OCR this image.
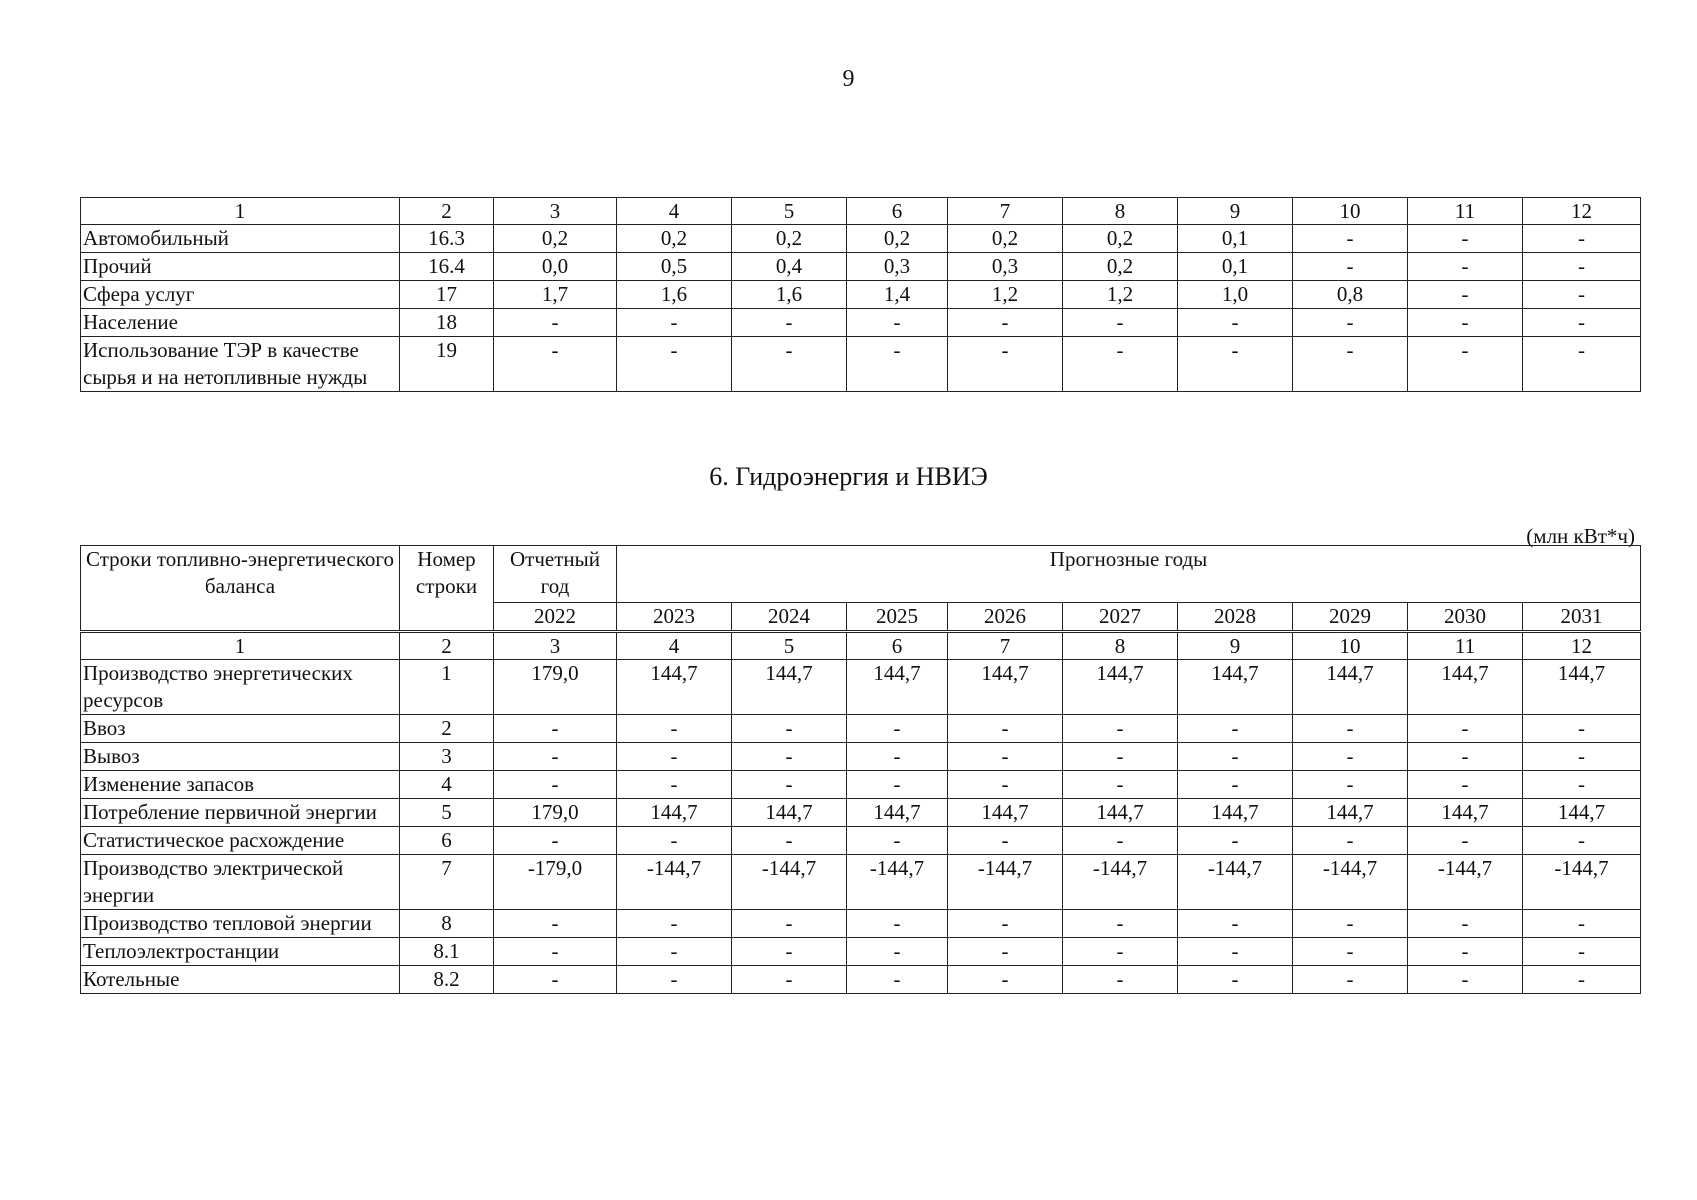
9
1	2	3	4	5	6	7	8	9	10	11	12
Автомобильный	16.3	0,2	0,2	0,2	0,2	0,2	0,2	0,1	-	-	-
Прочий	16.4	0,0	0,5	0,4	0,3	0,3	0,2	0,1	-	-	-
Сфера услуг	17	1,7	1,6	1,6	1,4	1,2	1,2	1,0	0,8	-	-
Население	18	-	-	-	-	-	-	-	-	-	-
Использование ТЭР в качестве сырья и на нетопливные нужды	19	-	-	-	-	-	-	-	-	-	-
6. Гидроэнергия и НВИЭ
(млн кВт*ч)
Строки топливно-энергетического баланса	Номер строки	Отчетный год	Прогнозные годы								
		2022	2023	2024	2025	2026	2027	2028	2029	2030	2031
1	2	3	4	5	6	7	8	9	10	11	12
Производство энергетических ресурсов	1	179,0	144,7	144,7	144,7	144,7	144,7	144,7	144,7	144,7	144,7
Ввоз	2	-	-	-	-	-	-	-	-	-	-
Вывоз	3	-	-	-	-	-	-	-	-	-	-
Изменение запасов	4	-	-	-	-	-	-	-	-	-	-
Потребление первичной энергии	5	179,0	144,7	144,7	144,7	144,7	144,7	144,7	144,7	144,7	144,7
Статистическое расхождение	6	-	-	-	-	-	-	-	-	-	-
Производство электрической энергии	7	-179,0	-144,7	-144,7	-144,7	-144,7	-144,7	-144,7	-144,7	-144,7	-144,7
Производство тепловой энергии	8	-	-	-	-	-	-	-	-	-	-
Теплоэлектростанции	8.1	-	-	-	-	-	-	-	-	-	-
Котельные	8.2	-	-	-	-	-	-	-	-	-	-
